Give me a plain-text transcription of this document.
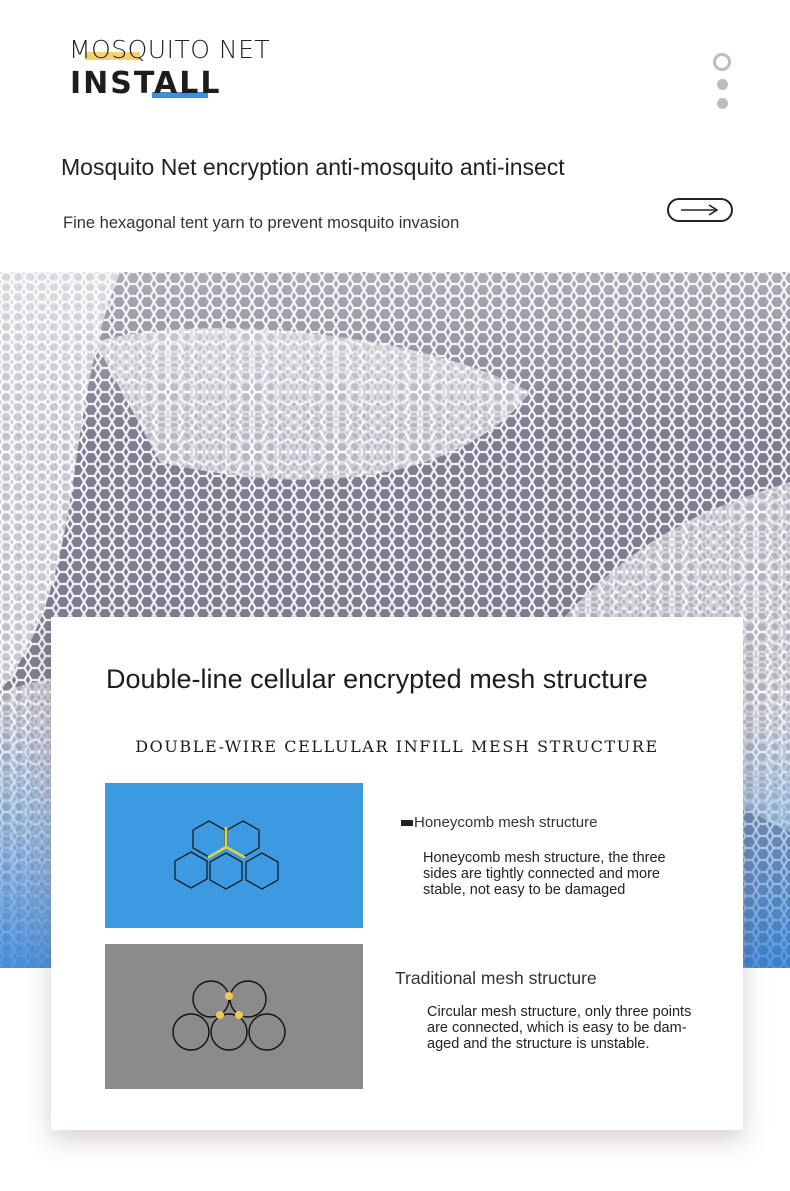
MOSQUITO NET
INSTALL
Mosquito Net encryption anti-mosquito anti-insect
Fine hexagonal tent yarn to prevent mosquito invasion
Double-line cellular encrypted mesh structure
DOUBLE-WIRE CELLULAR INFILL MESH STRUCTURE
Honeycomb mesh structure
Honeycomb mesh structure, the three sides are tightly connected and more stable, not easy to be damaged
Traditional mesh structure
Circular mesh structure, only three points are connected, which is easy to be dam-aged and the structure is unstable.
